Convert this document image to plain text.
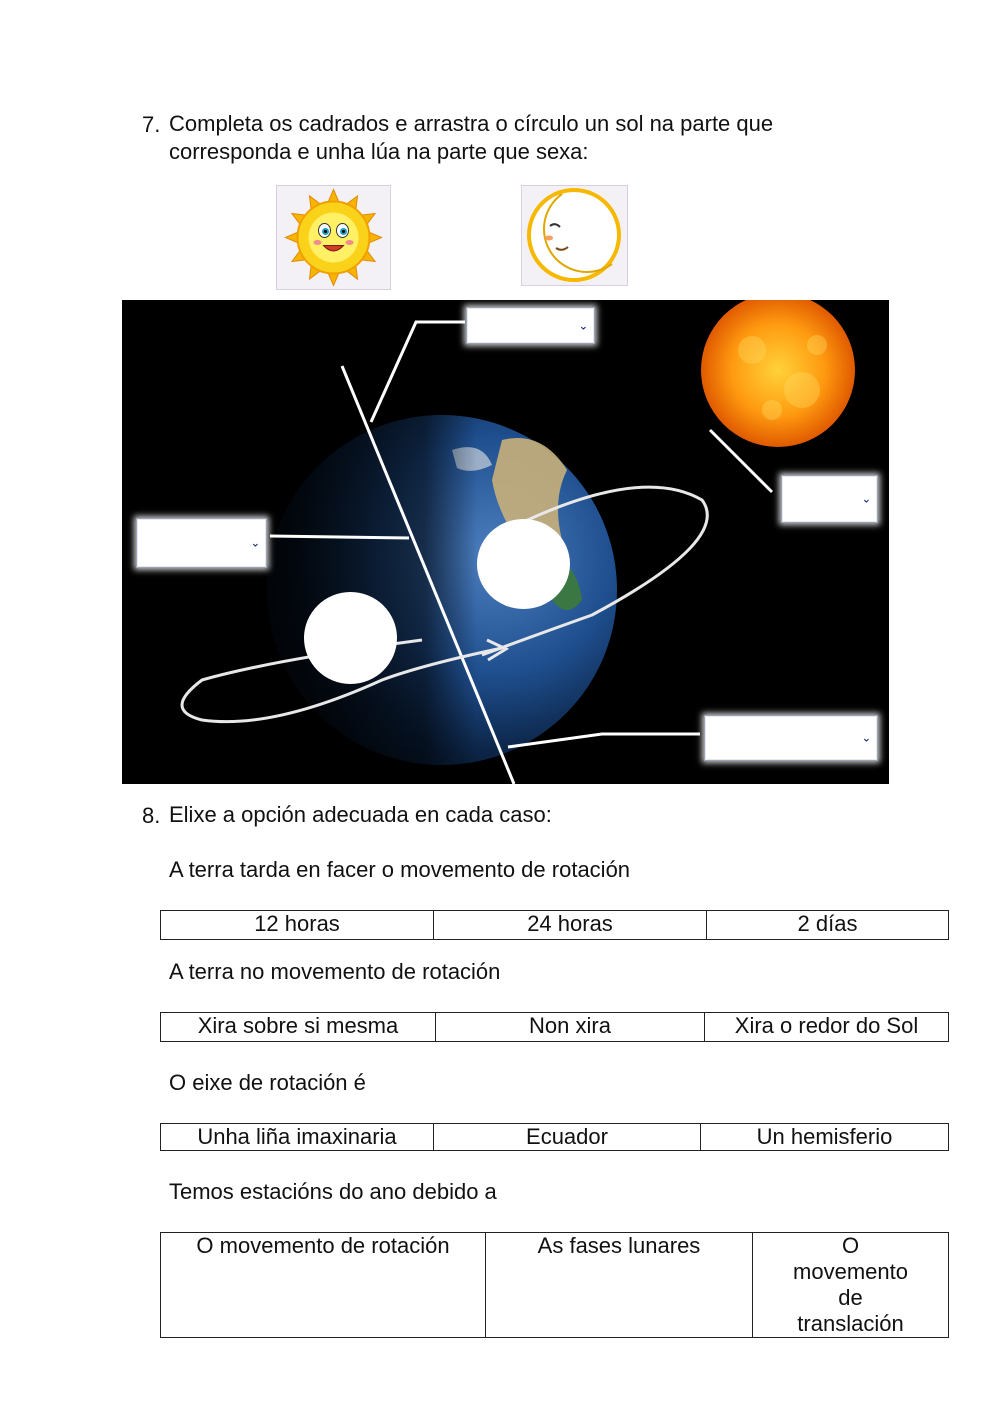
7. Completa os cadrados e arrastra o círculo un sol na parte que
corresponda e unha lúa na parte que sexa:
⌄
⌄
⌄
⌄
8. Elixe a opción adecuada en cada caso:
A terra tarda en facer o movemento de rotación
12 horas	24 horas	2 días
A terra no movemento de rotación
Xira sobre si mesma	Non xira	Xira o redor do Sol
O eixe de rotación é
Unha liña imaxinaria	Ecuador	Un hemisferio
Temos estacións do ano debido a
O movemento de rotación	As fases lunares	O movemento de translación
